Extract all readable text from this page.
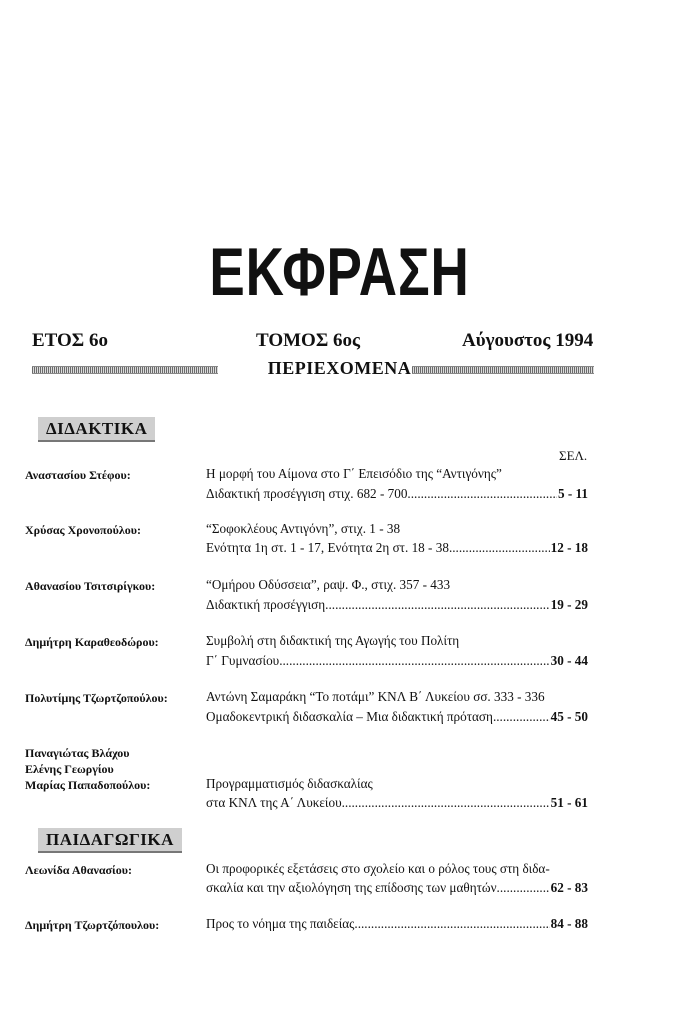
ΕΚΦΡΑΣΗ
ΕΤΟΣ 6ο	ΤΟΜΟΣ 6ος	Αύγουστος 1994
ΠΕΡΙΕΧΟΜΕΝΑ
ΔΙΔΑΚΤΙΚΑ
ΣΕΛ.
Αναστασίου Στέφου:	Η μορφή του Αίμονα στο Γ΄ Επεισόδιο της “Αντιγόνης”
Διδακτική προσέγγιση στιχ. 682 - 700. .....	5 - 11
Χρύσας Χρονοπούλου:	“Σοφοκλέους Αντιγόνη”, στιχ. 1 - 38
Ενότητα 1η στ. 1 - 17, Ενότητα 2η στ. 18 - 38 .....	12 - 18
Αθανασίου Τσιτσιρίγκου:	“Ομήρου Οδύσσεια”, ραψ. Φ., στιχ. 357 - 433
Διδακτική προσέγγιση .....	19 - 29
Δημήτρη Καραθεοδώρου:	Συμβολή στη διδακτική της Αγωγής του Πολίτη
Γ΄ Γυμνασίου .....	30 - 44
Πολυτίμης Τζωρτζοπούλου:	Αντώνη Σαμαράκη “Το ποτάμι” ΚΝΛ Β΄ Λυκείου σσ. 333 - 336
Ομαδοκεντρική διδασκαλία – Μια διδακτική πρόταση .....	45 - 50
Παναγιώτας Βλάχου
Ελένης Γεωργίου
Μαρίας Παπαδοπούλου:	Προγραμματισμός διδασκαλίας
στα ΚΝΛ της Α΄ Λυκείου .....	51 - 61
ΠΑΙΔΑΓΩΓΙΚΑ
Λεωνίδα Αθανασίου:	Οι προφορικές εξετάσεις στο σχολείο και ο ρόλος τους στη διδα-
σκαλία και την αξιολόγηση της επίδοσης των μαθητών .....	62 - 83
Δημήτρη Τζωρτζόπουλου:	Προς το νόημα της παιδείας .....	84 - 88
